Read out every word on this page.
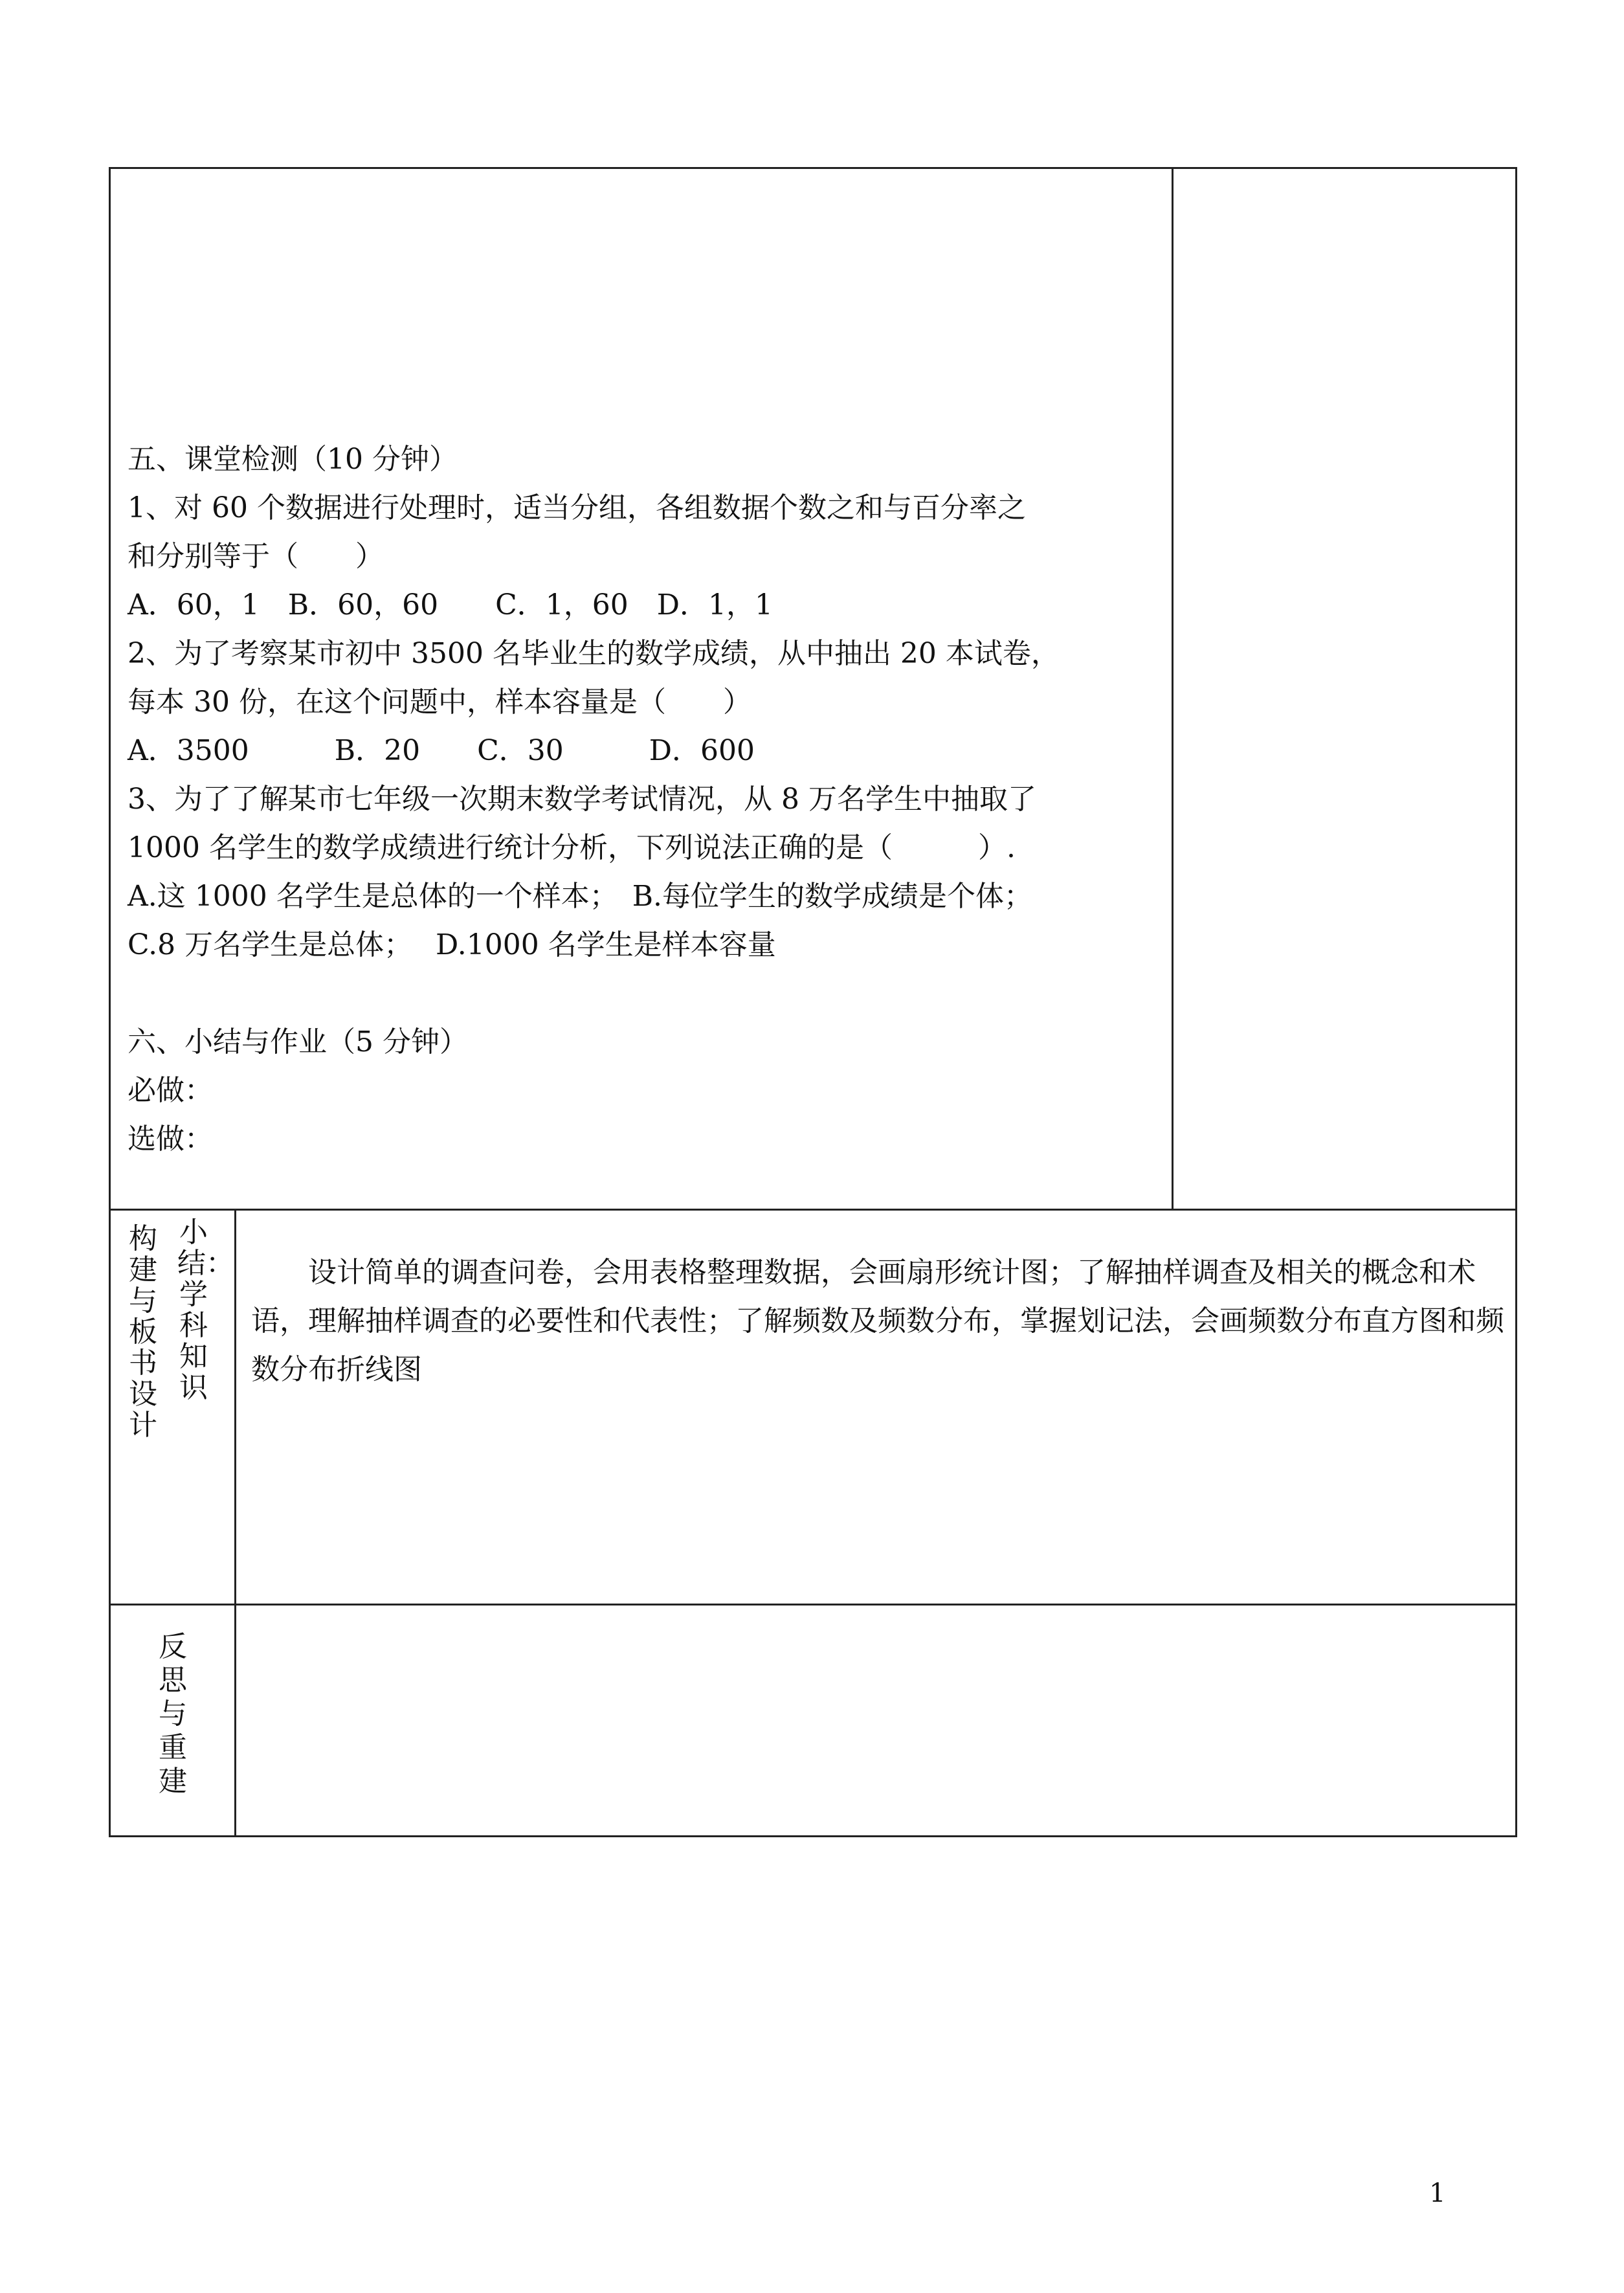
五、课堂检测（10 分钟）
1、对 60 个数据进行处理时，适当分组，各组数据个数之和与百分率之
和分别等于（　　）
A．60，1　B．60，60　　C．1，60　D．1，1
2、为了考察某市初中 3500 名毕业生的数学成绩，从中抽出 20 本试卷，
每本 30 份，在这个问题中，样本容量是（　　）
A．3500　　　B．20　　C．30　　　D．600
3、为了了解某市七年级一次期末数学考试情况，从 8 万名学生中抽取了
1000 名学生的数学成绩进行统计分析，下列说法正确的是（　　　）.
A.这 1000 名学生是总体的一个样本；　B.每位学生的数学成绩是个体；
C.8 万名学生是总体；　 D.1000 名学生是样本容量
六、小结与作业（5 分钟）
必做：
选做：
构建与板书设计
小结：学科知识
设计简单的调查问卷，会用表格整理数据，会画扇形统计图；了解抽样调查及相关的概念和术语，理解抽样调查的必要性和代表性；了解频数及频数分布，掌握划记法，会画频数分布直方图和频数分布折线图
反思与重建
1
